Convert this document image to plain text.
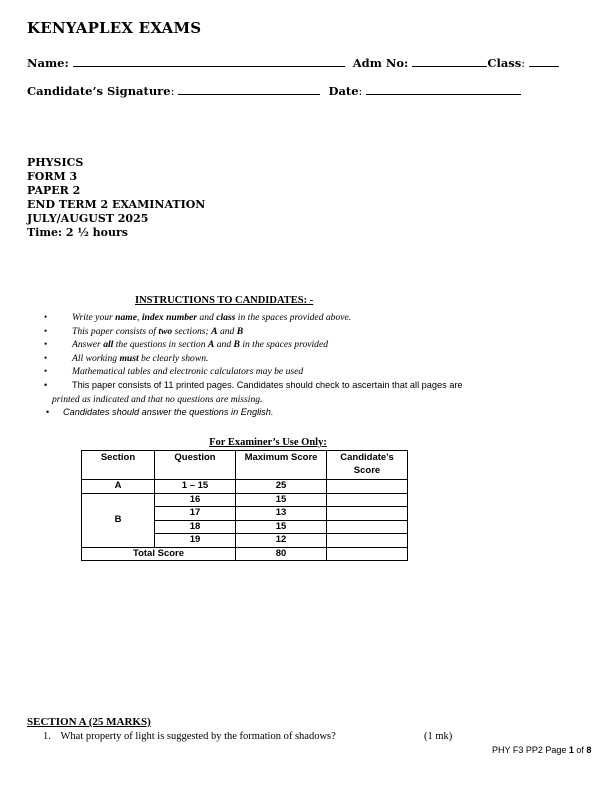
KENYAPLEX EXAMS
Name:	Adm No:	Class:
Candidate’s Signature:	Date:
PHYSICS
FORM 3
PAPER 2
END TERM 2 EXAMINATION
JULY/AUGUST 2025
Time: 2 ½ hours
INSTRUCTIONS TO CANDIDATES: -
•	Write your name, index number and class in the spaces provided above.
•	This paper consists of two sections; A and B
•	Answer all the questions in section A and B in the spaces provided
•	All working must be clearly shown.
•	Mathematical tables and electronic calculators may be used
•	This paper consists of 11 printed pages. Candidates should check to ascertain that all pages are
printed as indicated and that no questions are missing.
• Candidates should answer the questions in English.
For Examiner’s Use Only:
Section	Question	Maximum Score	Candidate’s Score
A	1 – 15	25	
B	16	15	
	17	13	
	18	15	
	19	12	
Total Score		80	
SECTION A (25 MARKS)
1. What property of light is suggested by the formation of shadows?	(1 mk)
PHY F3 PP2 Page 1 of 8
